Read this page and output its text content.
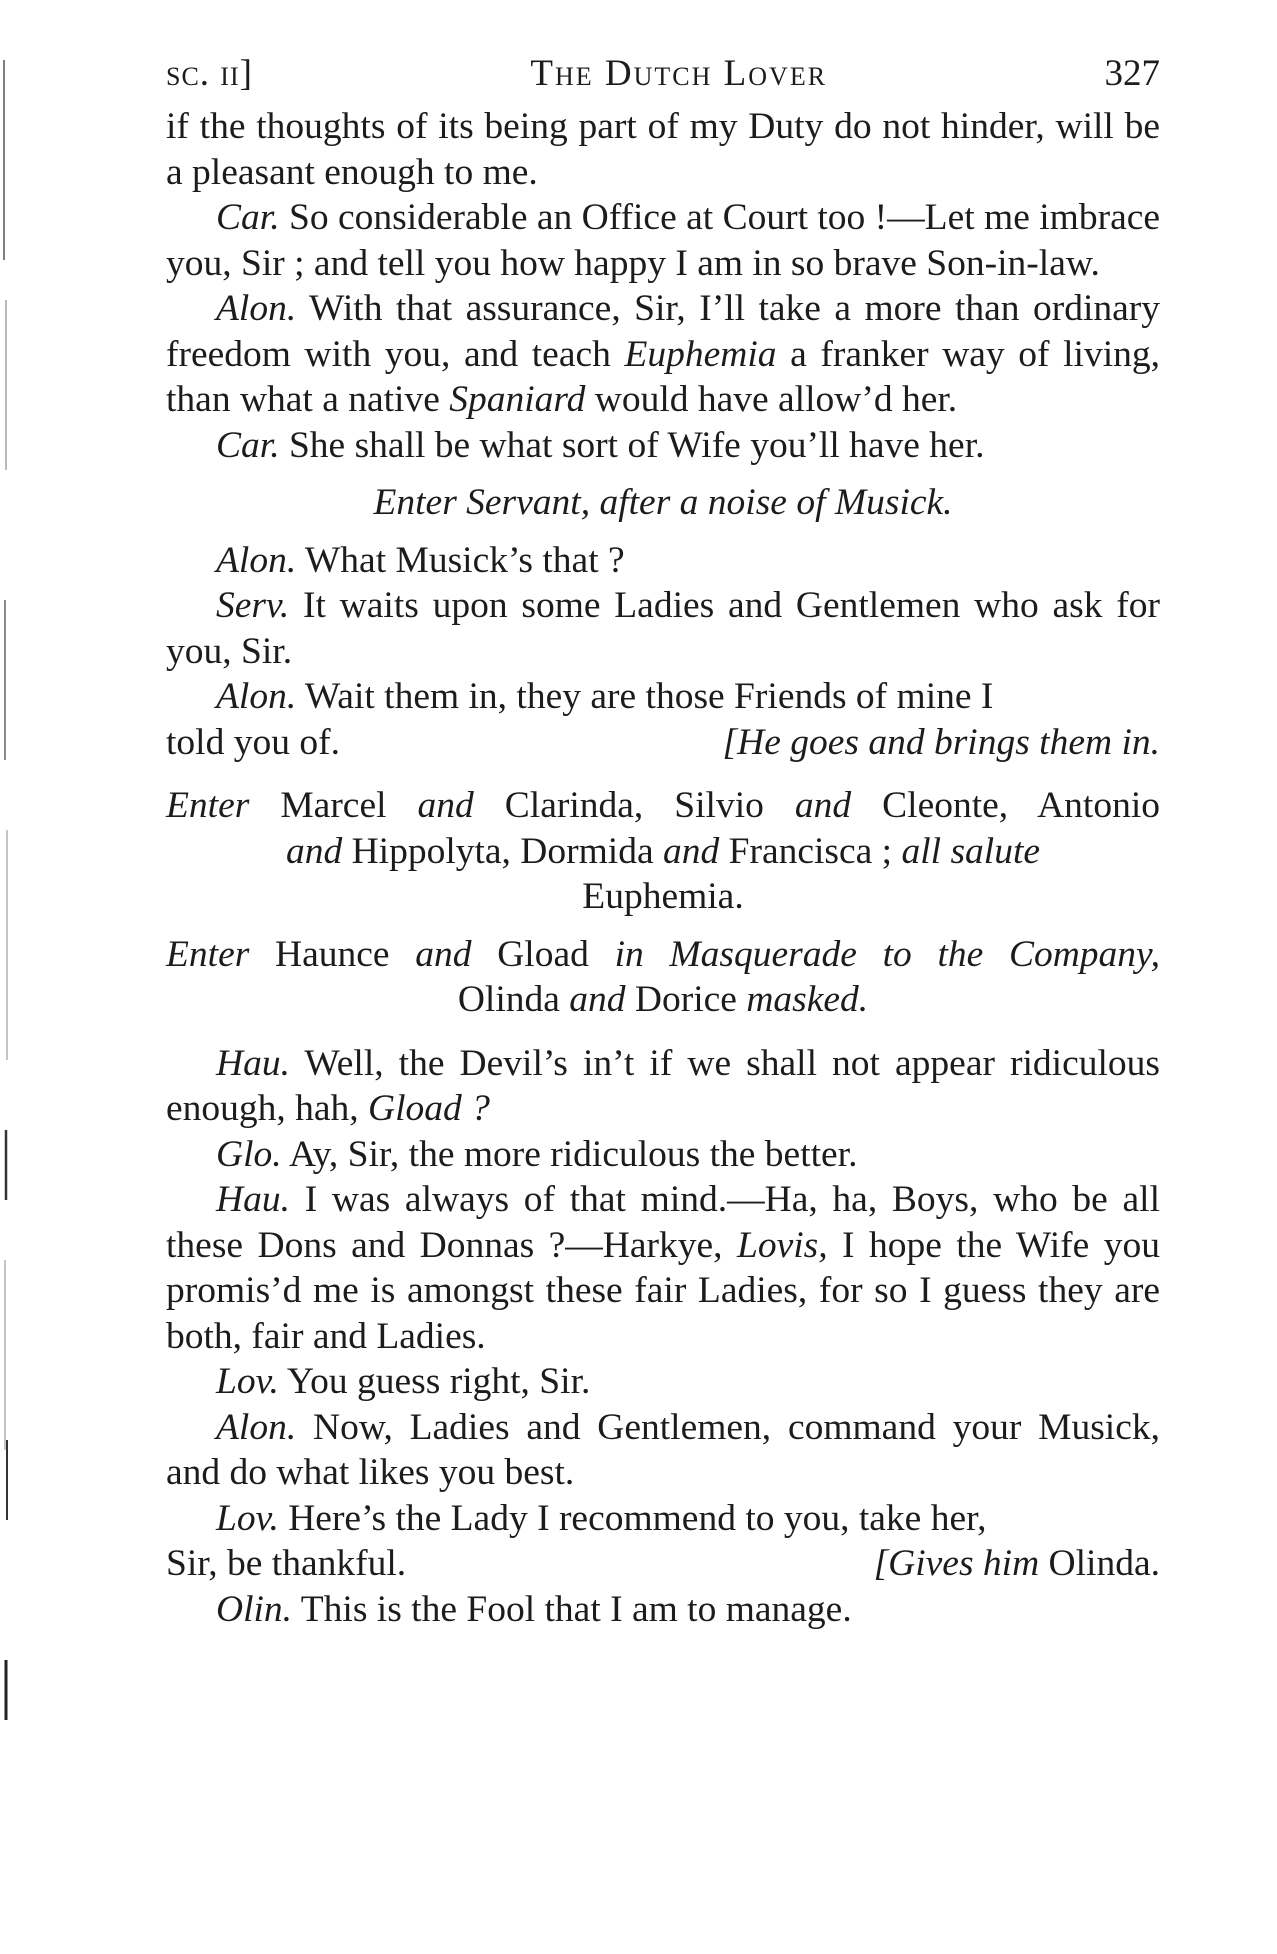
sc. ii]	The Dutch Lover	327

if the thoughts of its being part of my Duty do not hinder, will be a pleasant enough to me.

Car. So considerable an Office at Court too !—Let me imbrace you, Sir ; and tell you how happy I am in so brave Son-in-law.

Alon. With that assurance, Sir, I’ll take a more than ordinary freedom with you, and teach Euphemia a franker way of living, than what a native Spaniard would have allow’d her.

Car. She shall be what sort of Wife you’ll have her.

Enter Servant, after a noise of Musick.

Alon. What Musick’s that ?

Serv. It waits upon some Ladies and Gentlemen who ask for you, Sir.

Alon. Wait them in, they are those Friends of mine I

told you of.	[He goes and brings them in.

Enter Marcel and Clarinda, Silvio and Cleonte, Antonio

and Hippolyta, Dormida and Francisca ; all salute

Euphemia.

Enter Haunce and Gload in Masquerade to the Company,

Olinda and Dorice masked.

Hau. Well, the Devil’s in’t if we shall not appear ridiculous enough, hah, Gload ?

Glo. Ay, Sir, the more ridiculous the better.

Hau. I was always of that mind.—Ha, ha, Boys, who be all these Dons and Donnas ?—Harkye, Lovis, I hope the Wife you promis’d me is amongst these fair Ladies, for so I guess they are both, fair and Ladies.

Lov. You guess right, Sir.

Alon. Now, Ladies and Gentlemen, command your Musick, and do what likes you best.

Lov. Here’s the Lady I recommend to you, take her,

Sir, be thankful.	[Gives him Olinda.

Olin. This is the Fool that I am to manage.
